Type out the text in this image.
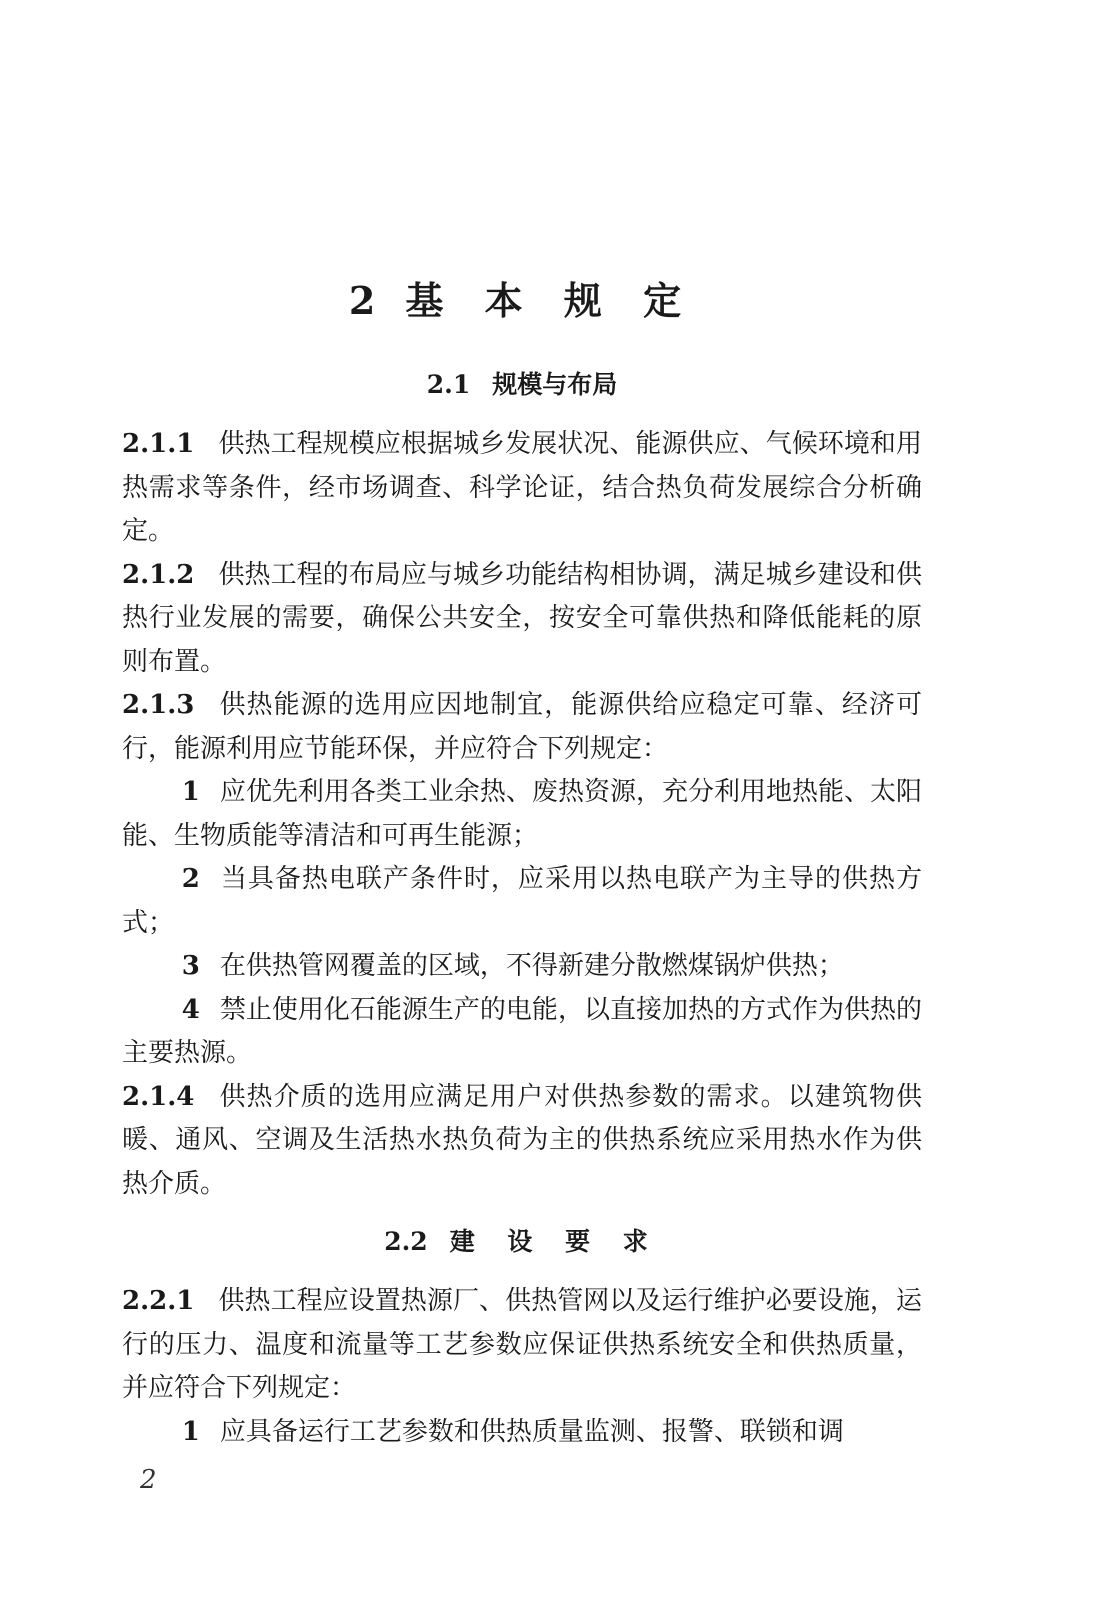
2 基 本 规 定
2.1 规模与布局

2.1.1 供热工程规模应根据城乡发展状况、能源供应、气候环境和用热需求等条件，经市场调查、科学论证，结合热负荷发展综合分析确定。

2.1.2 供热工程的布局应与城乡功能结构相协调，满足城乡建设和供热行业发展的需要，确保公共安全，按安全可靠供热和降低能耗的原则布置。

2.1.3 供热能源的选用应因地制宜，能源供给应稳定可靠、经济可行，能源利用应节能环保，并应符合下列规定：

1 应优先利用各类工业余热、废热资源，充分利用地热能、太阳能、生物质能等清洁和可再生能源；

2 当具备热电联产条件时，应采用以热电联产为主导的供热方式；

3 在供热管网覆盖的区域，不得新建分散燃煤锅炉供热；

4 禁止使用化石能源生产的电能，以直接加热的方式作为供热的主要热源。

2.1.4 供热介质的选用应满足用户对供热参数的需求。以建筑物供暖、通风、空调及生活热水热负荷为主的供热系统应采用热水作为供热介质。

2.2 建 设 要 求

2.2.1 供热工程应设置热源厂、供热管网以及运行维护必要设施，运行的压力、温度和流量等工艺参数应保证供热系统安全和供热质量，并应符合下列规定：

1 应具备运行工艺参数和供热质量监测、报警、联锁和调

2
